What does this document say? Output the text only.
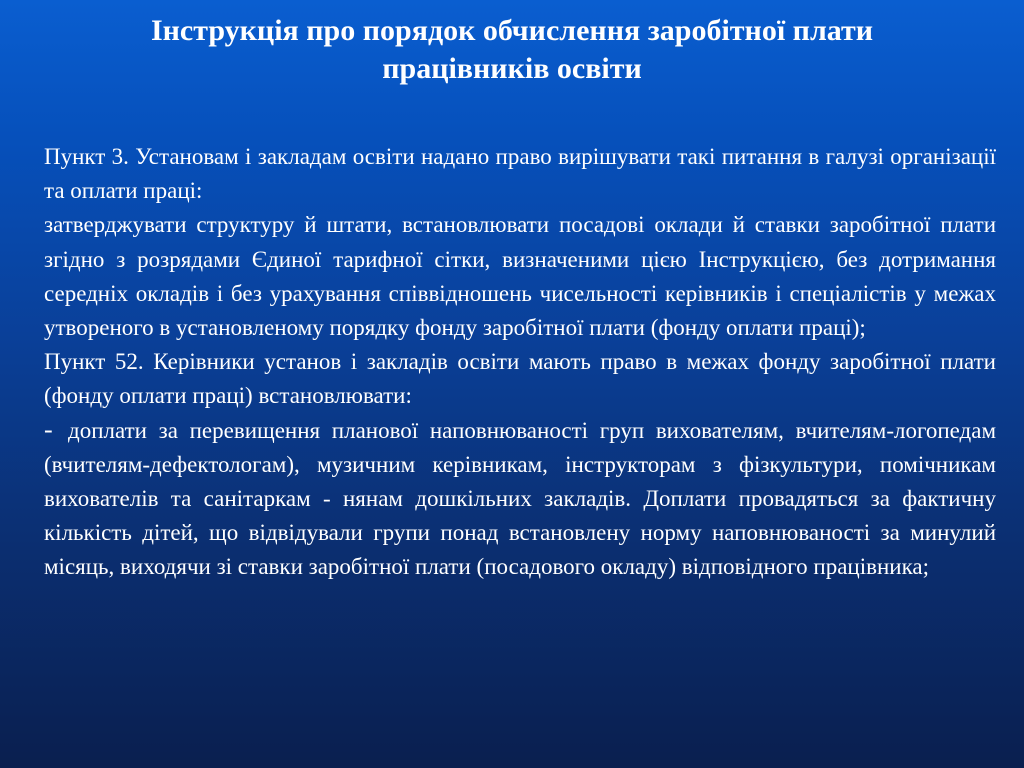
Інструкція про порядок обчислення заробітної плати
працівників освіти

Пункт 3. Установам і закладам освіти надано право вирішувати такі питання в галузі організації та оплати праці:

затверджувати структуру й штати, встановлювати посадові оклади й ставки заробітної плати згідно з розрядами Єдиної тарифної сітки, визначеними цією Інструкцією, без дотримання середніх окладів і без урахування співвідношень чисельності керівників і спеціалістів у межах утвореного в установленому порядку фонду заробітної плати (фонду оплати праці);

Пункт 52. Керівники установ і закладів освіти мають право в межах фонду заробітної плати (фонду оплати праці) встановлювати:

- доплати за перевищення планової наповнюваності груп вихователям, вчителям-логопедам (вчителям-дефектологам), музичним керівникам, інструкторам з фізкультури, помічникам вихователів та санітаркам - нянам дошкільних закладів. Доплати провадяться за фактичну кількість дітей, що відвідували групи понад встановлену норму наповнюваності за минулий місяць, виходячи зі ставки заробітної плати (посадового окладу) відповідного працівника;
